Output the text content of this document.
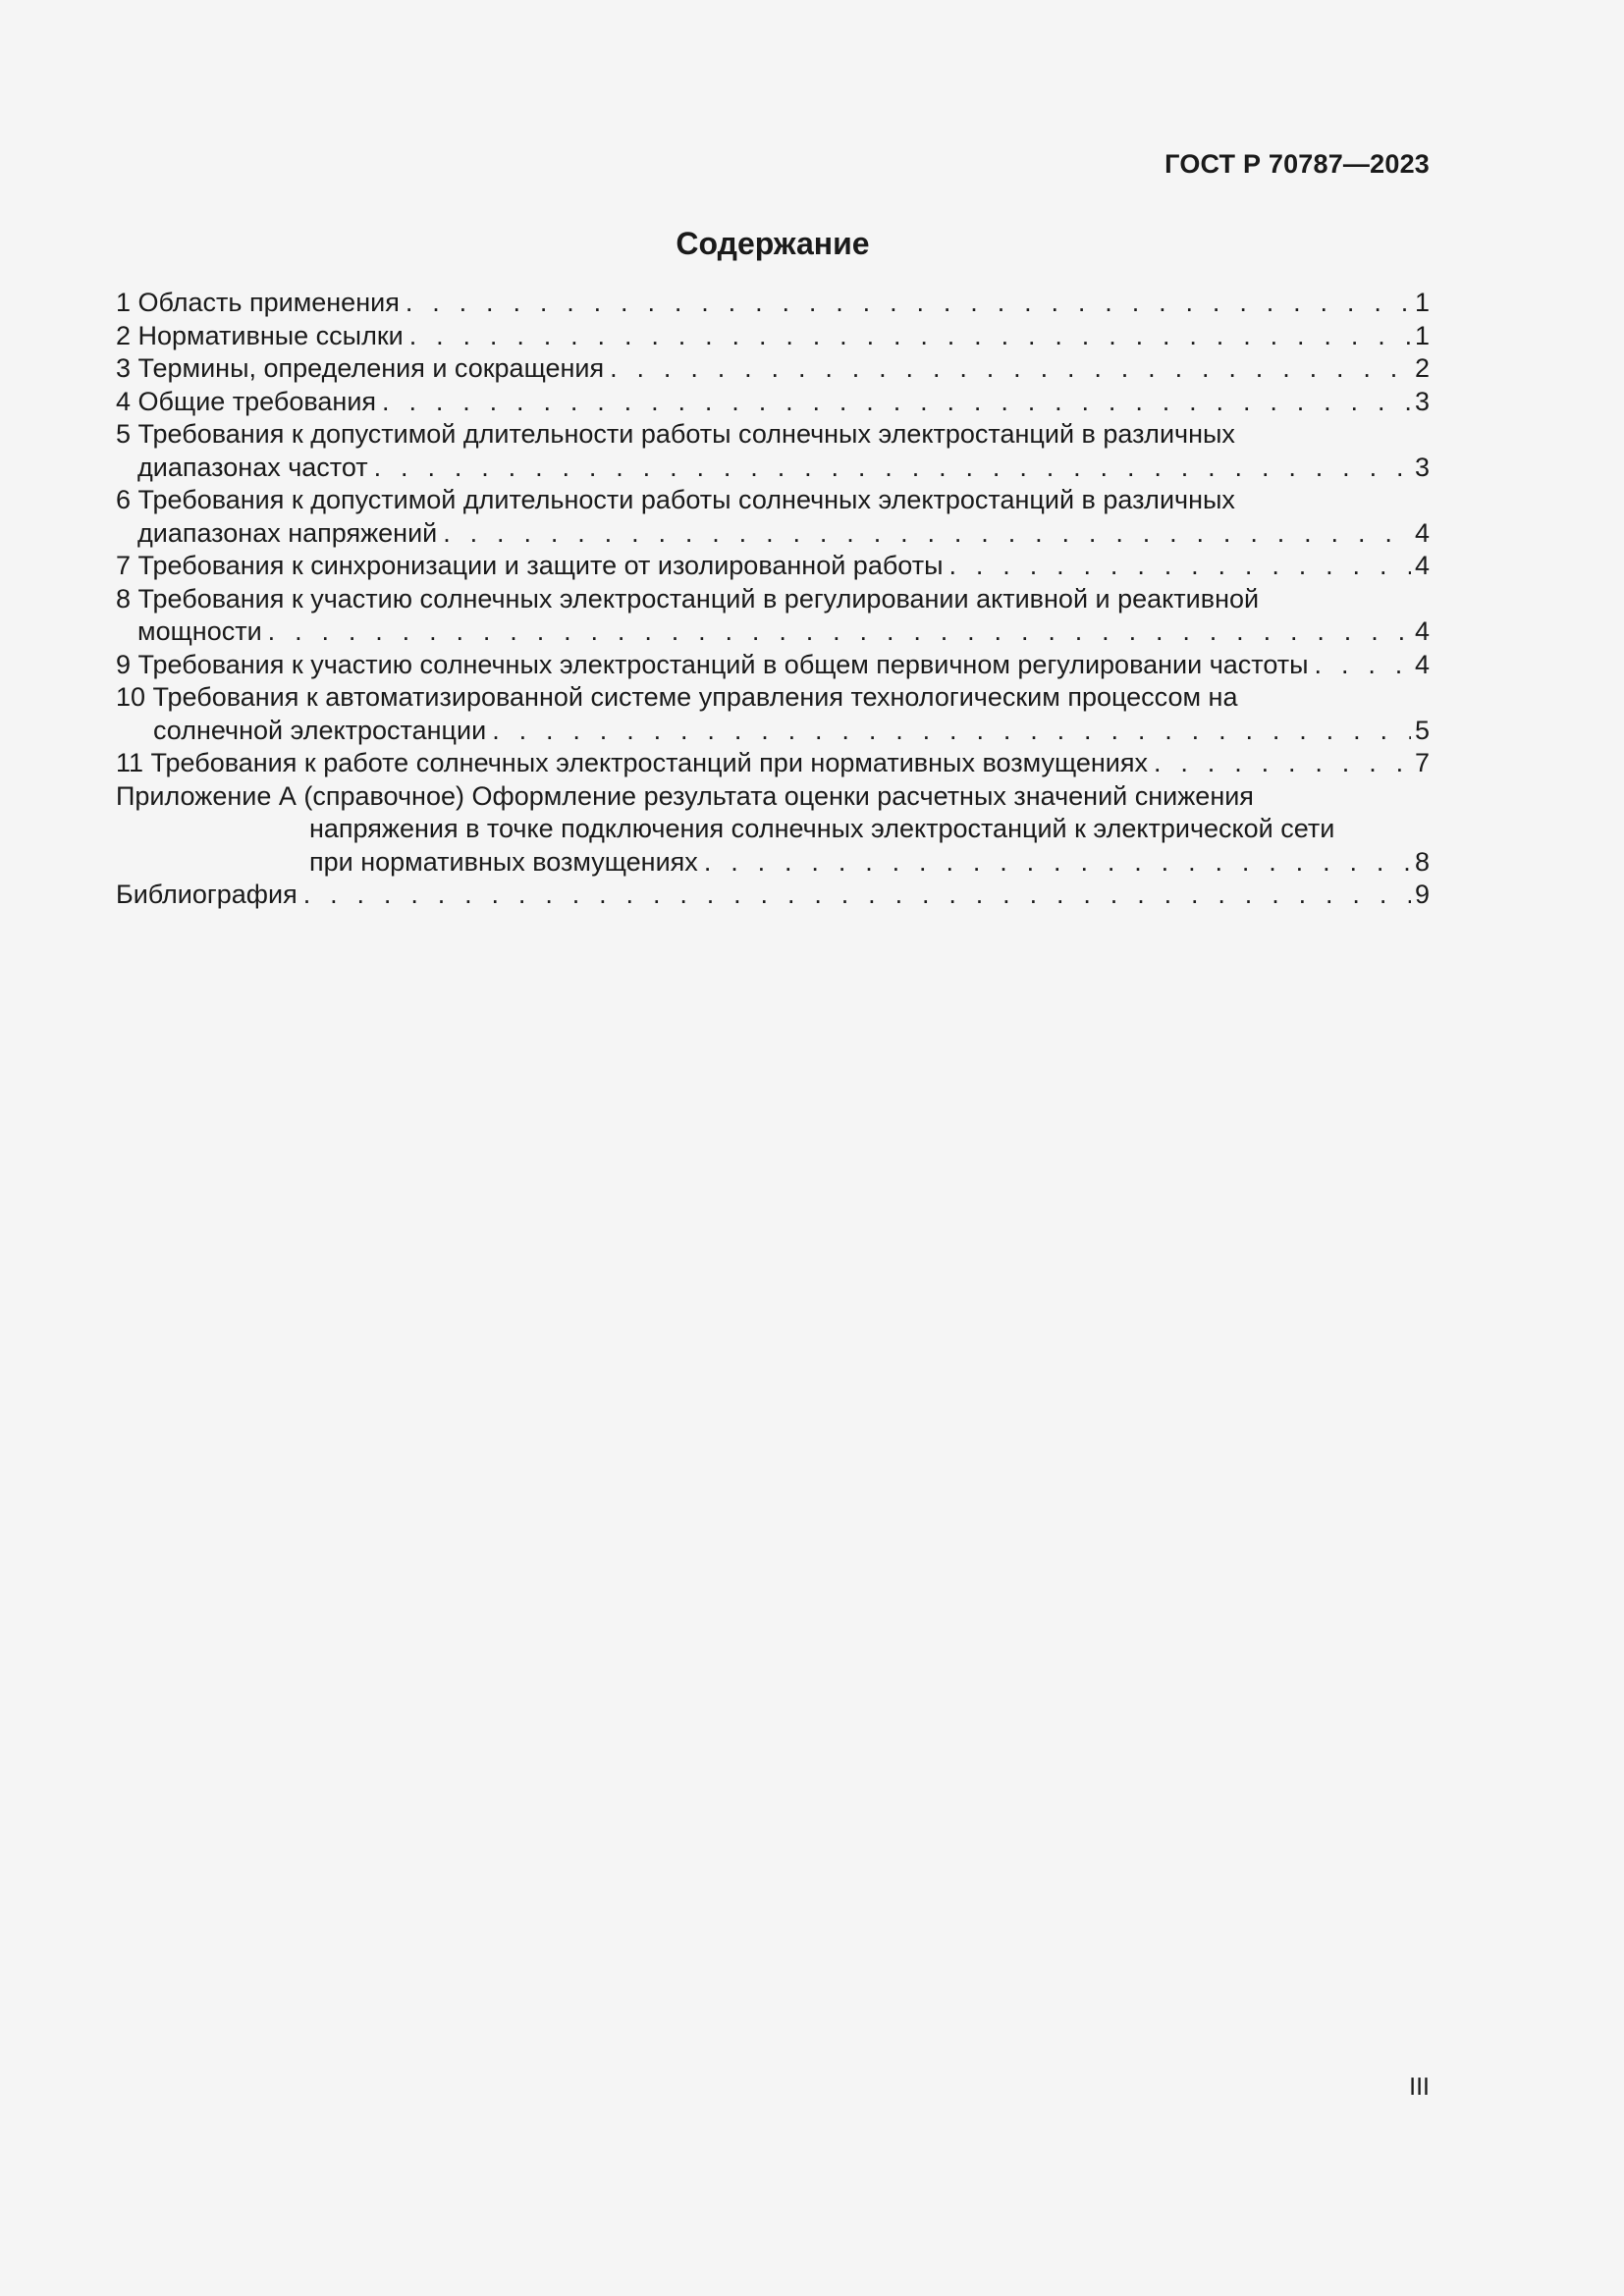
ГОСТ Р 70787—2023
Содержание
1 Область применения . . .	1
2 Нормативные ссылки . . .	1
3 Термины, определения и сокращения . . .	2
4 Общие требования . . .	3
5 Требования к допустимой длительности работы солнечных электростанций в различных
диапазонах частот . . .	3
6 Требования к допустимой длительности работы солнечных электростанций в различных
диапазонах напряжений . . .	4
7 Требования к синхронизации и защите от изолированной работы . . .	4
8 Требования к участию солнечных электростанций в регулировании активной и реактивной
мощности . . .	4
9 Требования к участию солнечных электростанций в общем первичном регулировании частоты . . .	4
10 Требования к автоматизированной системе управления технологическим процессом на
солнечной электростанции . . .	5
11 Требования к работе солнечных электростанций при нормативных возмущениях . . .	7
Приложение А (справочное) Оформление результата оценки расчетных значений снижения
напряжения в точке подключения солнечных электростанций к электрической сети
при нормативных возмущениях . . .	8
Библиография . . .	9
III
